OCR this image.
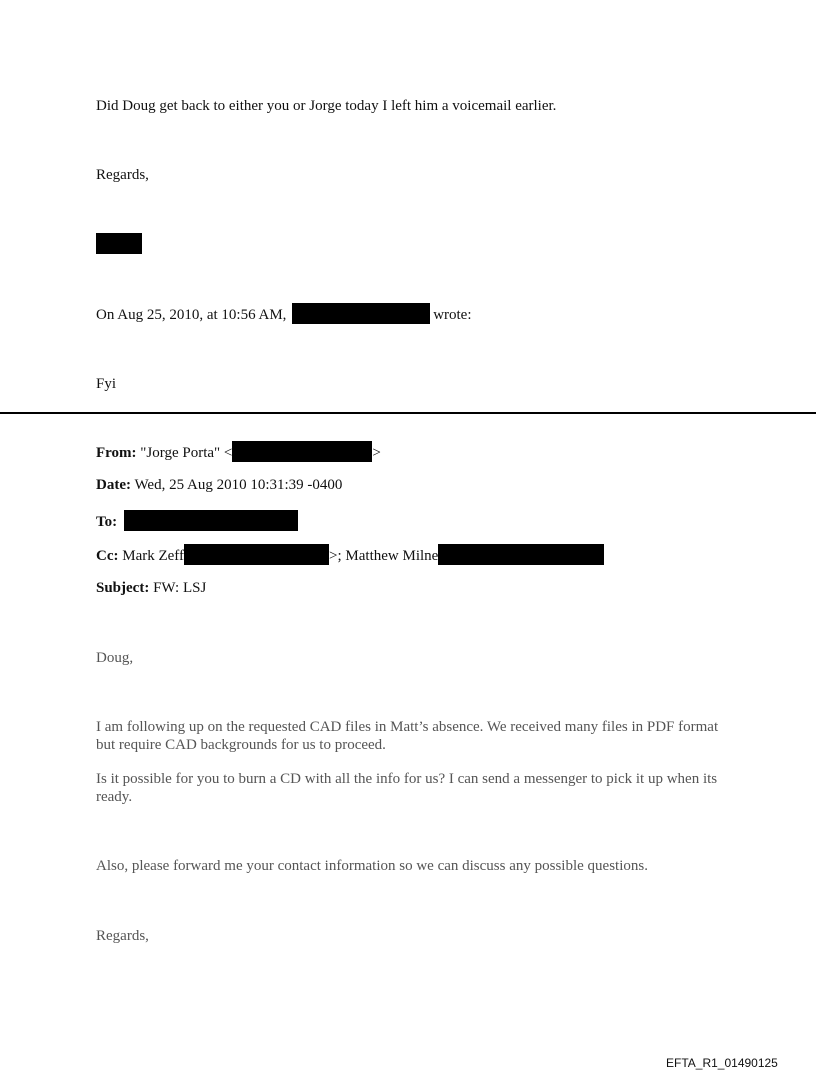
Did Doug get back to either you or Jorge today I left him a voicemail earlier.
Regards,
On Aug 25, 2010, at 10:56 AM,	wrote:
Fyi
From: "Jorge Porta" <	>
Date: Wed, 25 Aug 2010 10:31:39 -0400
To:
Cc: Mark Zeff	>; Matthew Milne
Subject: FW: LSJ
Doug,
I am following up on the requested CAD files in Matt’s absence. We received many files in PDF format but require CAD backgrounds for us to proceed.
Is it possible for you to burn a CD with all the info for us? I can send a messenger to pick it up when its ready.
Also, please forward me your contact information so we can discuss any possible questions.
Regards,
EFTA_R1_01490125
